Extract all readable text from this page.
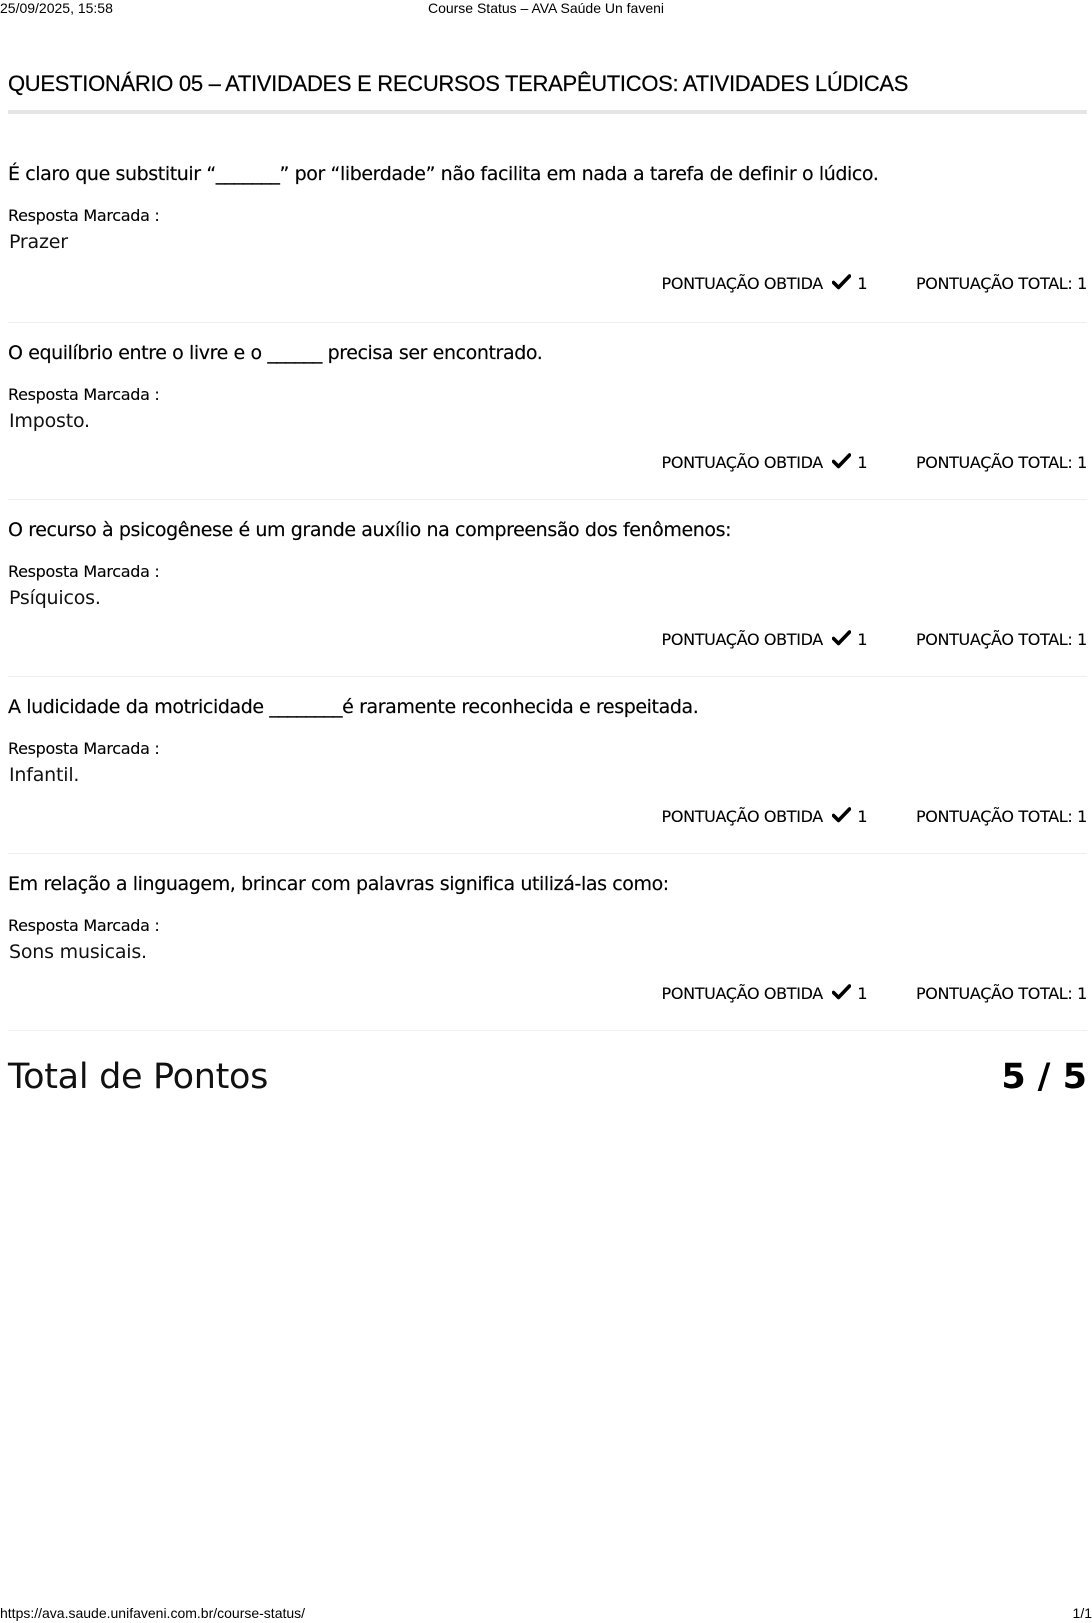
25/09/2025, 15:58	Course Status – AVA Saúde Un faveni
QUESTIONÁRIO 05 – ATIVIDADES E RECURSOS TERAPÊUTICOS: ATIVIDADES LÚDICAS
É claro que substituir “_______” por “liberdade” não facilita em nada a tarefa de definir o lúdico.
Resposta Marcada :
Prazer
PONTUAÇÃO OBTIDA 1	PONTUAÇÃO TOTAL: 1
O equilíbrio entre o livre e o ______ precisa ser encontrado.
Resposta Marcada :
Imposto.
PONTUAÇÃO OBTIDA 1	PONTUAÇÃO TOTAL: 1
O recurso à psicogênese é um grande auxílio na compreensão dos fenômenos:
Resposta Marcada :
Psíquicos.
PONTUAÇÃO OBTIDA 1	PONTUAÇÃO TOTAL: 1
A ludicidade da motricidade ________é raramente reconhecida e respeitada.
Resposta Marcada :
Infantil.
PONTUAÇÃO OBTIDA 1	PONTUAÇÃO TOTAL: 1
Em relação a linguagem, brincar com palavras significa utilizá-las como:
Resposta Marcada :
Sons musicais.
PONTUAÇÃO OBTIDA 1	PONTUAÇÃO TOTAL: 1
Total de Pontos	5 / 5
https://ava.saude.unifaveni.com.br/course-status/	1/1
